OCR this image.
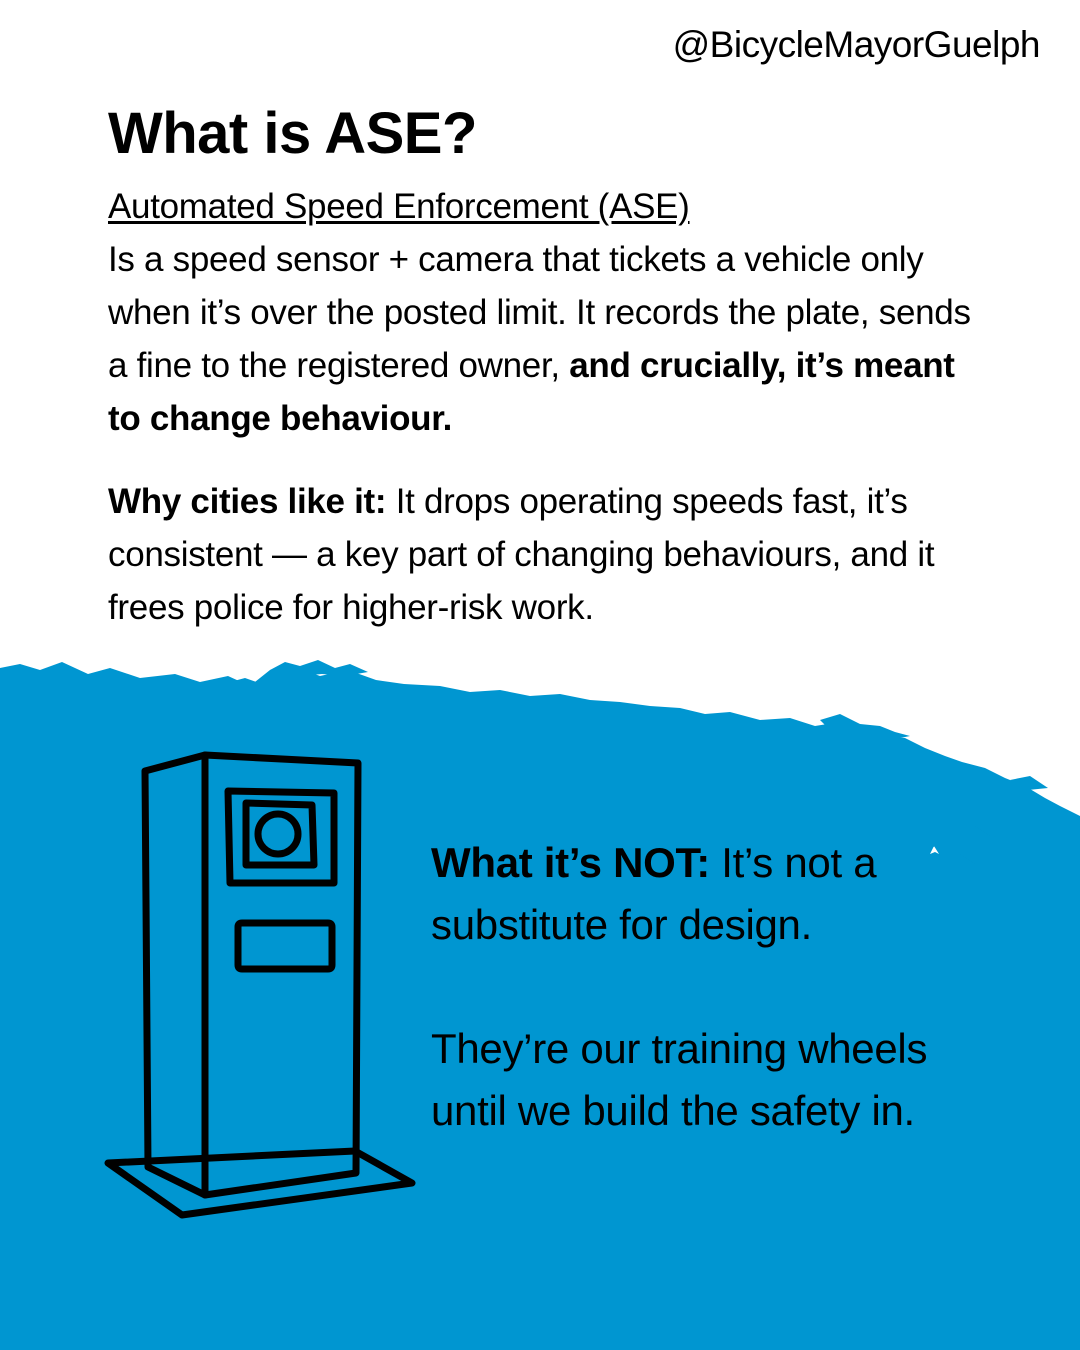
@BicycleMayorGuelph
What is ASE?

Automated Speed Enforcement (ASE)
Is a speed sensor + camera that tickets a vehicle only when it’s over the posted limit. It records the plate, sends a fine to the registered owner, and crucially, it’s meant to change behaviour.

Why cities like it: It drops operating speeds fast, it’s consistent — a key part of changing behaviours, and it frees police for higher-risk work.

What it’s NOT: It’s not a substitute for design.

They’re our training wheels until we build the safety in.
